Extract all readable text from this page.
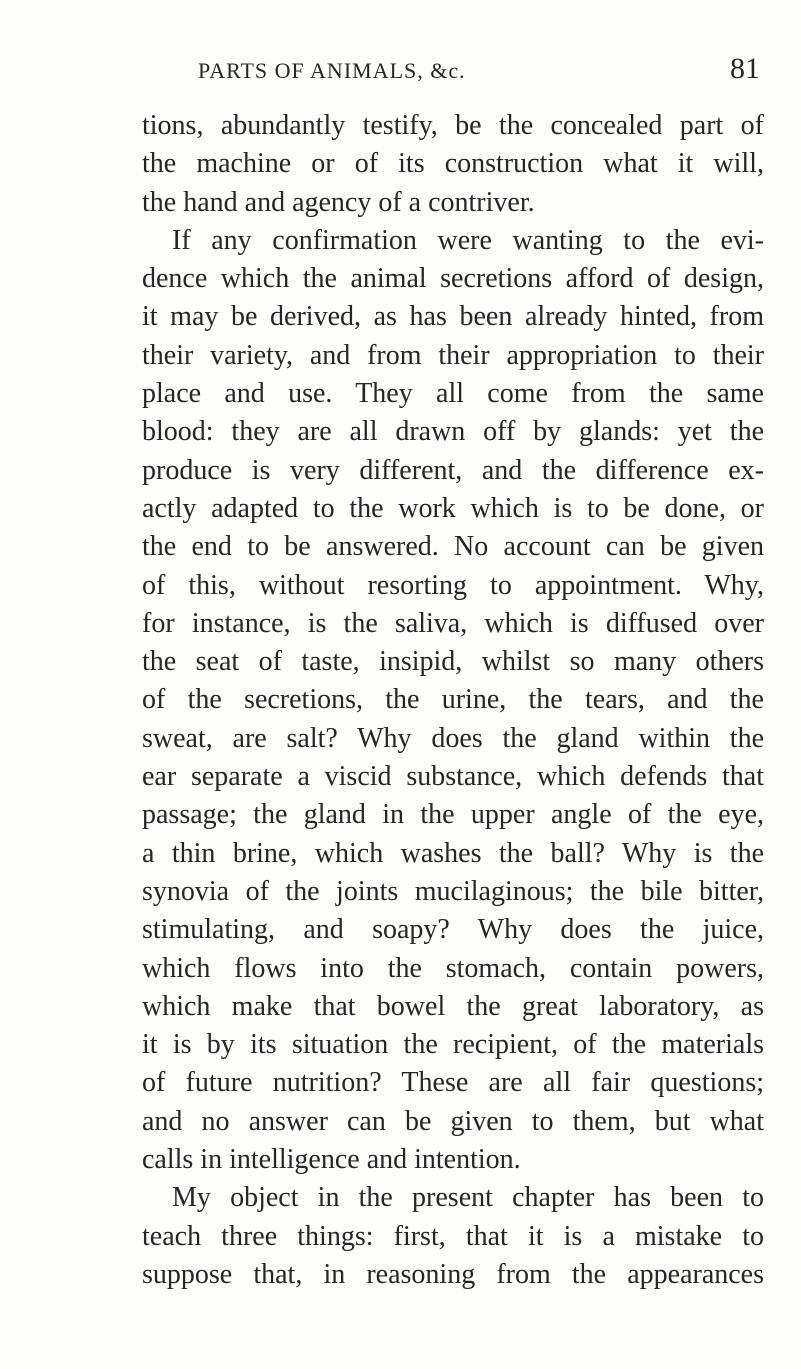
PARTS OF ANIMALS, &c.	81
tions, abundantly testify, be the concealed part of
the machine or of its construction what it will,
the hand and agency of a contriver.
If any confirmation were wanting to the evi-
dence which the animal secretions afford of design,
it may be derived, as has been already hinted, from
their variety, and from their appropriation to their
place and use. They all come from the same
blood: they are all drawn off by glands: yet the
produce is very different, and the difference ex-
actly adapted to the work which is to be done, or
the end to be answered. No account can be given
of this, without resorting to appointment. Why,
for instance, is the saliva, which is diffused over
the seat of taste, insipid, whilst so many others
of the secretions, the urine, the tears, and the
sweat, are salt? Why does the gland within the
ear separate a viscid substance, which defends that
passage; the gland in the upper angle of the eye,
a thin brine, which washes the ball? Why is the
synovia of the joints mucilaginous; the bile bitter,
stimulating, and soapy? Why does the juice,
which flows into the stomach, contain powers,
which make that bowel the great laboratory, as
it is by its situation the recipient, of the materials
of future nutrition? These are all fair questions;
and no answer can be given to them, but what
calls in intelligence and intention.
My object in the present chapter has been to
teach three things: first, that it is a mistake to
suppose that, in reasoning from the appearances
